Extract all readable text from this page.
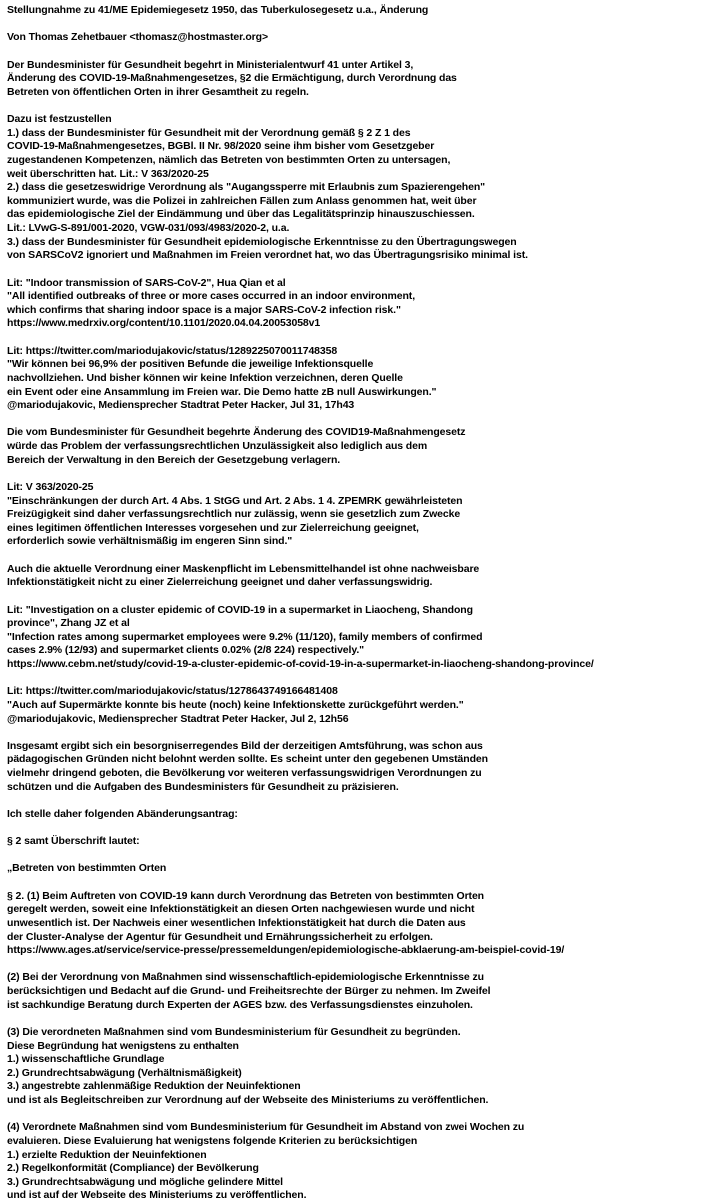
Stellungnahme zu 41/ME Epidemiegesetz 1950, das Tuberkulosegesetz u.a., Änderung
Von Thomas Zehetbauer <thomasz@hostmaster.org>
Der Bundesminister für Gesundheit begehrt in Ministerialentwurf 41 unter Artikel 3,
Änderung des COVID-19-Maßnahmengesetzes, §2 die Ermächtigung, durch Verordnung das
Betreten von öffentlichen Orten in ihrer Gesamtheit zu regeln.
Dazu ist festzustellen
1.) dass der Bundesminister für Gesundheit mit der Verordnung gemäß § 2 Z 1 des
COVID-19-Maßnahmengesetzes, BGBl. II Nr. 98/2020 seine ihm bisher vom Gesetzgeber
zugestandenen Kompetenzen, nämlich das Betreten von bestimmten Orten zu untersagen,
weit überschritten hat. Lit.: V 363/2020-25
2.) dass die gesetzeswidrige Verordnung als "Augangssperre mit Erlaubnis zum Spazierengehen"
kommuniziert wurde, was die Polizei in zahlreichen Fällen zum Anlass genommen hat, weit über
das epidemiologische Ziel der Eindämmung und über das Legalitätsprinzip hinauszuschiessen.
Lit.: LVwG-S-891/001-2020, VGW-031/093/4983/2020-2, u.a.
3.) dass der Bundesminister für Gesundheit epidemiologische Erkenntnisse zu den Übertragungswegen
von SARSCoV2 ignoriert und Maßnahmen im Freien verordnet hat, wo das Übertragungsrisiko minimal ist.
Lit: "Indoor transmission of SARS-CoV-2", Hua Qian et al
"All identified outbreaks of three or more cases occurred in an indoor environment,
which confirms that sharing indoor space is a major SARS-CoV-2 infection risk."
https://www.medrxiv.org/content/10.1101/2020.04.04.20053058v1
Lit: https://twitter.com/mariodujakovic/status/1289225070011748358
"Wir können bei 96,9% der positiven Befunde die jeweilige Infektionsquelle
nachvollziehen. Und bisher können wir keine Infektion verzeichnen, deren Quelle
ein Event oder eine Ansammlung im Freien war. Die Demo hatte zB null Auswirkungen."
@mariodujakovic, Mediensprecher Stadtrat Peter Hacker, Jul 31, 17h43
Die vom Bundesminister für Gesundheit begehrte Änderung des COVID19-Maßnahmengesetz
würde das Problem der verfassungsrechtlichen Unzulässigkeit also lediglich aus dem
Bereich der Verwaltung in den Bereich der Gesetzgebung verlagern.
Lit: V 363/2020-25
"Einschränkungen der durch Art. 4 Abs. 1 StGG und Art. 2 Abs. 1 4. ZPEMRK gewährleisteten
Freizügigkeit sind daher verfassungsrechtlich nur zulässig, wenn sie gesetzlich zum Zwecke
eines legitimen öffentlichen Interesses vorgesehen und zur Zielerreichung geeignet,
erforderlich sowie verhältnismäßig im engeren Sinn sind."
Auch die aktuelle Verordnung einer Maskenpflicht im Lebensmittelhandel ist ohne nachweisbare
Infektionstätigkeit nicht zu einer Zielerreichung geeignet und daher verfassungswidrig.
Lit: "Investigation on a cluster epidemic of COVID-19 in a supermarket in Liaocheng, Shandong
province", Zhang JZ et al
"Infection rates among supermarket employees were 9.2% (11/120), family members of confirmed
cases 2.9% (12/93) and supermarket clients 0.02% (2/8 224) respectively."
https://www.cebm.net/study/covid-19-a-cluster-epidemic-of-covid-19-in-a-supermarket-in-liaocheng-shandong-province/
Lit: https://twitter.com/mariodujakovic/status/1278643749166481408
"Auch auf Supermärkte konnte bis heute (noch) keine Infektionskette zurückgeführt werden."
@mariodujakovic, Mediensprecher Stadtrat Peter Hacker, Jul 2, 12h56
Insgesamt ergibt sich ein besorgniserregendes Bild der derzeitigen Amtsführung, was schon aus
pädagogischen Gründen nicht belohnt werden sollte. Es scheint unter den gegebenen Umständen
vielmehr dringend geboten, die Bevölkerung vor weiteren verfassungswidrigen Verordnungen zu
schützen und die Aufgaben des Bundesministers für Gesundheit zu präzisieren.
Ich stelle daher folgenden Abänderungsantrag:
§ 2 samt Überschrift lautet:
„Betreten von bestimmten Orten
§ 2. (1) Beim Auftreten von COVID-19 kann durch Verordnung das Betreten von bestimmten Orten
geregelt werden, soweit eine Infektionstätigkeit an diesen Orten nachgewiesen wurde und nicht
unwesentlich ist. Der Nachweis einer wesentlichen Infektionstätigkeit hat durch die Daten aus
der Cluster-Analyse der Agentur für Gesundheit und Ernährungssicherheit zu erfolgen.
https://www.ages.at/service/service-presse/pressemeldungen/epidemiologische-abklaerung-am-beispiel-covid-19/
(2) Bei der Verordnung von Maßnahmen sind wissenschaftlich-epidemiologische Erkenntnisse zu
berücksichtigen und Bedacht auf die Grund- und Freiheitsrechte der Bürger zu nehmen. Im Zweifel
ist sachkundige Beratung durch Experten der AGES bzw. des Verfassungsdienstes einzuholen.
(3) Die verordneten Maßnahmen sind vom Bundesministerium für Gesundheit zu begründen.
Diese Begründung hat wenigstens zu enthalten
1.) wissenschaftliche Grundlage
2.) Grundrechtsabwägung (Verhältnismäßigkeit)
3.) angestrebte zahlenmäßige Reduktion der Neuinfektionen
und ist als Begleitschreiben zur Verordnung auf der Webseite des Ministeriums zu veröffentlichen.
(4) Verordnete Maßnahmen sind vom Bundesministerium für Gesundheit im Abstand von zwei Wochen zu
evaluieren. Diese Evaluierung hat wenigstens folgende Kriterien zu berücksichtigen
1.) erzielte Reduktion der Neuinfektionen
2.) Regelkonformität (Compliance) der Bevölkerung
3.) Grundrechtsabwägung und mögliche gelindere Mittel
und ist auf der Webseite des Ministeriums zu veröffentlichen.
